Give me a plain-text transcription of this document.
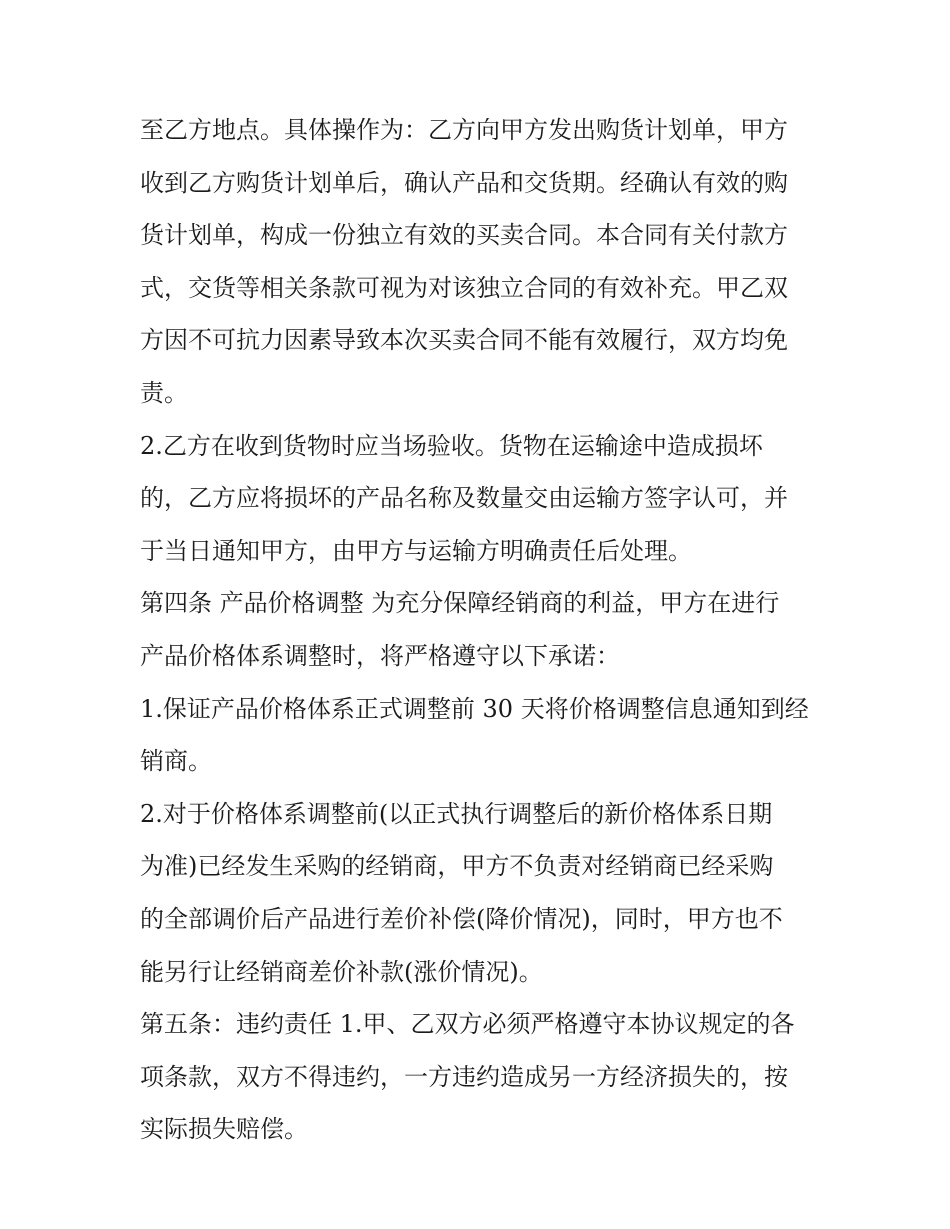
至乙方地点。具体操作为：乙方向甲方发出购货计划单，甲方
收到乙方购货计划单后，确认产品和交货期。经确认有效的购
货计划单，构成一份独立有效的买卖合同。本合同有关付款方
式，交货等相关条款可视为对该独立合同的有效补充。甲乙双
方因不可抗力因素导致本次买卖合同不能有效履行，双方均免
责。
2.乙方在收到货物时应当场验收。货物在运输途中造成损坏
的，乙方应将损坏的产品名称及数量交由运输方签字认可，并
于当日通知甲方，由甲方与运输方明确责任后处理。
第四条 产品价格调整 为充分保障经销商的利益，甲方在进行
产品价格体系调整时，将严格遵守以下承诺：
1.保证产品价格体系正式调整前 30 天将价格调整信息通知到经
销商。
2.对于价格体系调整前(以正式执行调整后的新价格体系日期
为准)已经发生采购的经销商，甲方不负责对经销商已经采购
的全部调价后产品进行差价补偿(降价情况)，同时，甲方也不
能另行让经销商差价补款(涨价情况)。
第五条：违约责任 1.甲、乙双方必须严格遵守本协议规定的各
项条款，双方不得违约，一方违约造成另一方经济损失的，按
实际损失赔偿。
